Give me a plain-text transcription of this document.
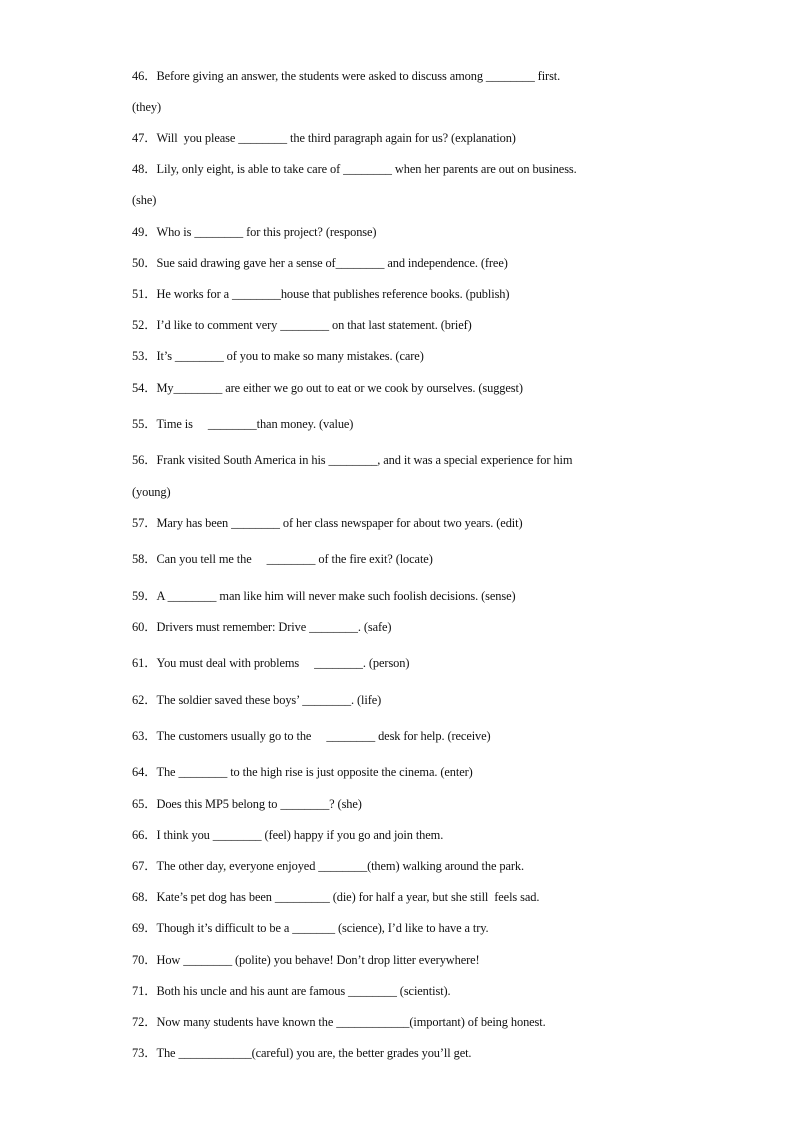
46．Before giving an answer, the students were asked to discuss among ________ first.
(they)
47．Will  you please ________ the third paragraph again for us? (explanation)
48．Lily, only eight, is able to take care of ________ when her parents are out on business.
(she)
49．Who is ________ for this project? (response)
50．Sue said drawing gave her a sense of________ and independence. (free)
51．He works for a ________house that publishes reference books. (publish)
52．I’d like to comment very ________ on that last statement. (brief)
53．It’s ________ of you to make so many mistakes. (care)
54．My________ are either we go out to eat or we cook by ourselves. (suggest)
55．Time is     ________than money. (value)
56．Frank visited South America in his ________, and it was a special experience for him
(young)
57．Mary has been ________ of her class newspaper for about two years. (edit)
58．Can you tell me the     ________ of the fire exit? (locate)
59．A ________ man like him will never make such foolish decisions. (sense)
60．Drivers must remember: Drive ________. (safe)
61．You must deal with problems     ________. (person)
62．The soldier saved these boys’ ________. (life)
63．The customers usually go to the     ________ desk for help. (receive)
64．The ________ to the high rise is just opposite the cinema. (enter)
65．Does this MP5 belong to ________? (she)
66．I think you ________ (feel) happy if you go and join them.
67．The other day, everyone enjoyed ________(them) walking around the park.
68．Kate’s pet dog has been _________ (die) for half a year, but she still  feels sad.
69．Though it’s difficult to be a _______ (science), I’d like to have a try.
70．How ________ (polite) you behave! Don’t drop litter everywhere!
71．Both his uncle and his aunt are famous ________ (scientist).
72．Now many students have known the ____________(important) of being honest.
73．The ____________(careful) you are, the better grades you’ll get.
